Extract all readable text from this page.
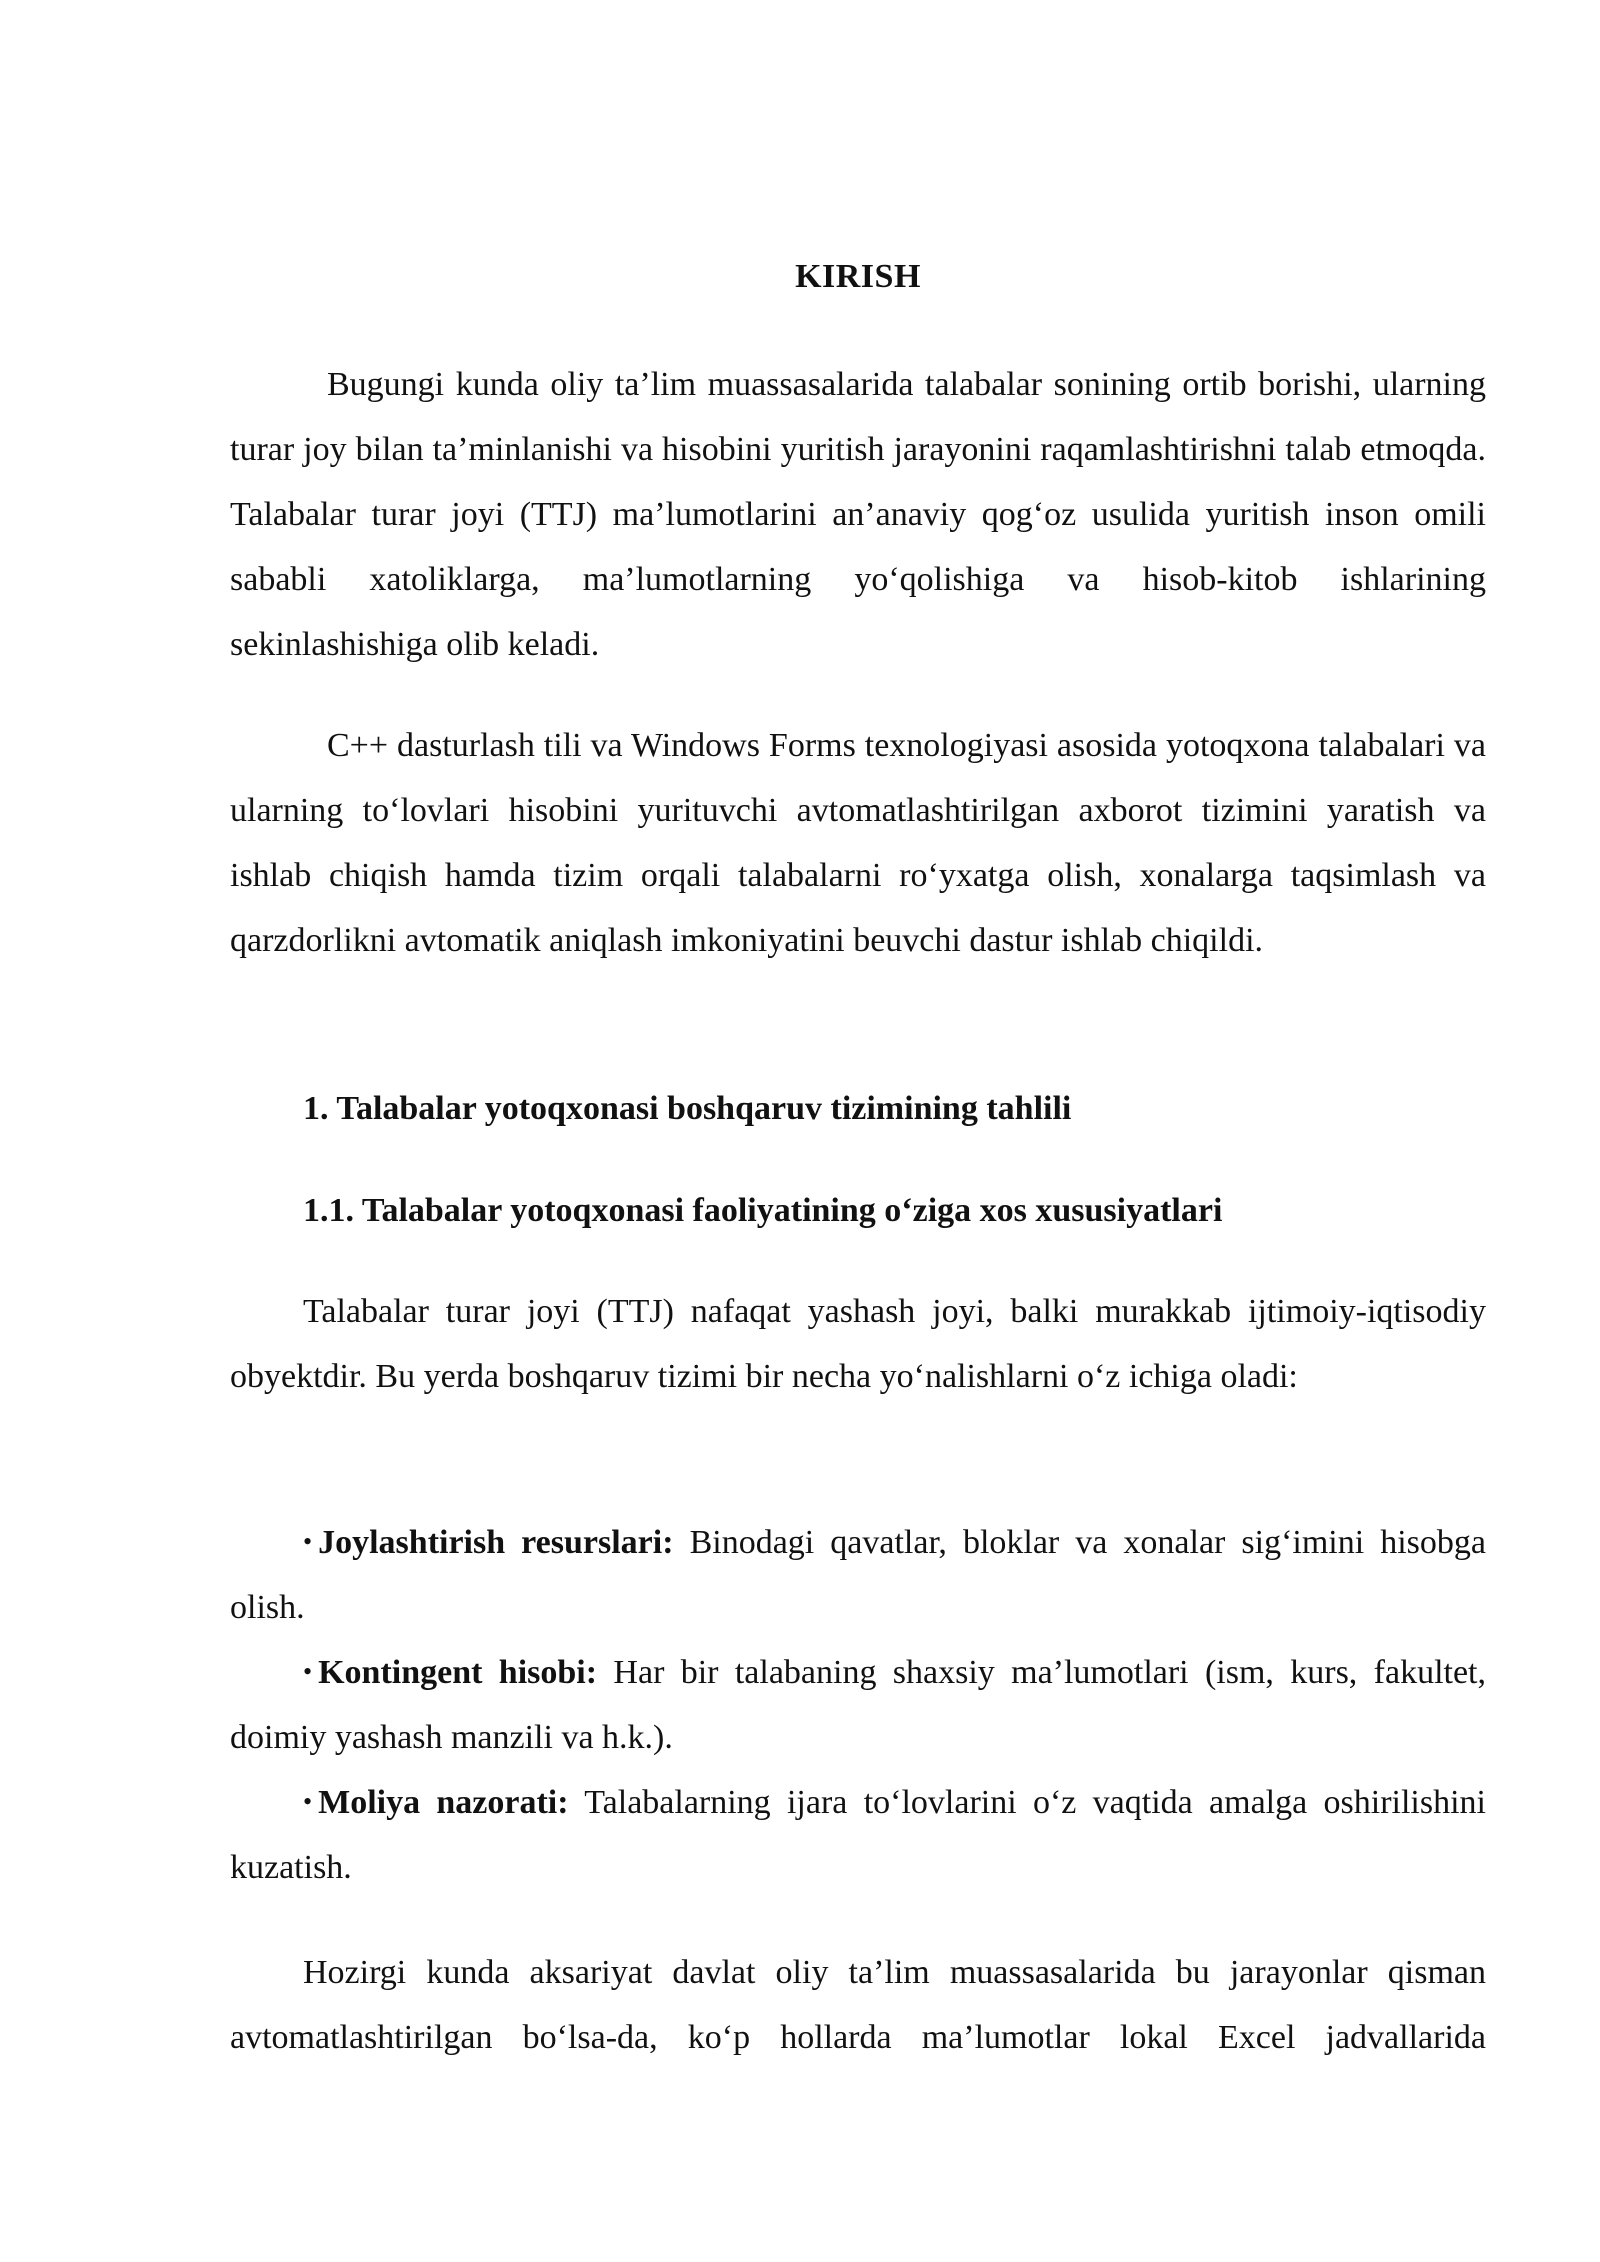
KIRISH

Bugungi kunda oliy ta’lim muassasalarida talabalar sonining ortib borishi, ularning turar joy bilan ta’minlanishi va hisobini yuritish jarayonini raqamlashtirishni talab etmoqda. Talabalar turar joyi (TTJ) ma’lumotlarini an’anaviy qog‘oz usulida yuritish inson omili sababli xatoliklarga, ma’lumotlarning yo‘qolishiga va hisob-kitob ishlarining sekinlashishiga olib keladi.

C++ dasturlash tili va Windows Forms texnologiyasi asosida yotoqxona talabalari va ularning to‘lovlari hisobini yurituvchi avtomatlashtirilgan axborot tizimini yaratish va ishlab chiqish hamda tizim orqali talabalarni ro‘yxatga olish, xonalarga taqsimlash va qarzdorlikni avtomatik aniqlash imkoniyatini beuvchi dastur ishlab chiqildi.

1. Talabalar yotoqxonasi boshqaruv tizimining tahlili
1.1. Talabalar yotoqxonasi faoliyatining o‘ziga xos xususiyatlari

Talabalar turar joyi (TTJ) nafaqat yashash joyi, balki murakkab ijtimoiy-iqtisodiy obyektdir. Bu yerda boshqaruv tizimi bir necha yo‘nalishlarni o‘z ichiga oladi:

• Joylashtirish resurslari: Binodagi qavatlar, bloklar va xonalar sig‘imini hisobga olish.

• Kontingent hisobi: Har bir talabaning shaxsiy ma’lumotlari (ism, kurs, fakultet, doimiy yashash manzili va h.k.).

• Moliya nazorati: Talabalarning ijara to‘lovlarini o‘z vaqtida amalga oshirilishini kuzatish.

Hozirgi kunda aksariyat davlat oliy ta’lim muassasalarida bu jarayonlar qisman avtomatlashtirilgan bo‘lsa-da, ko‘p hollarda ma’lumotlar lokal Excel jadvallarida
